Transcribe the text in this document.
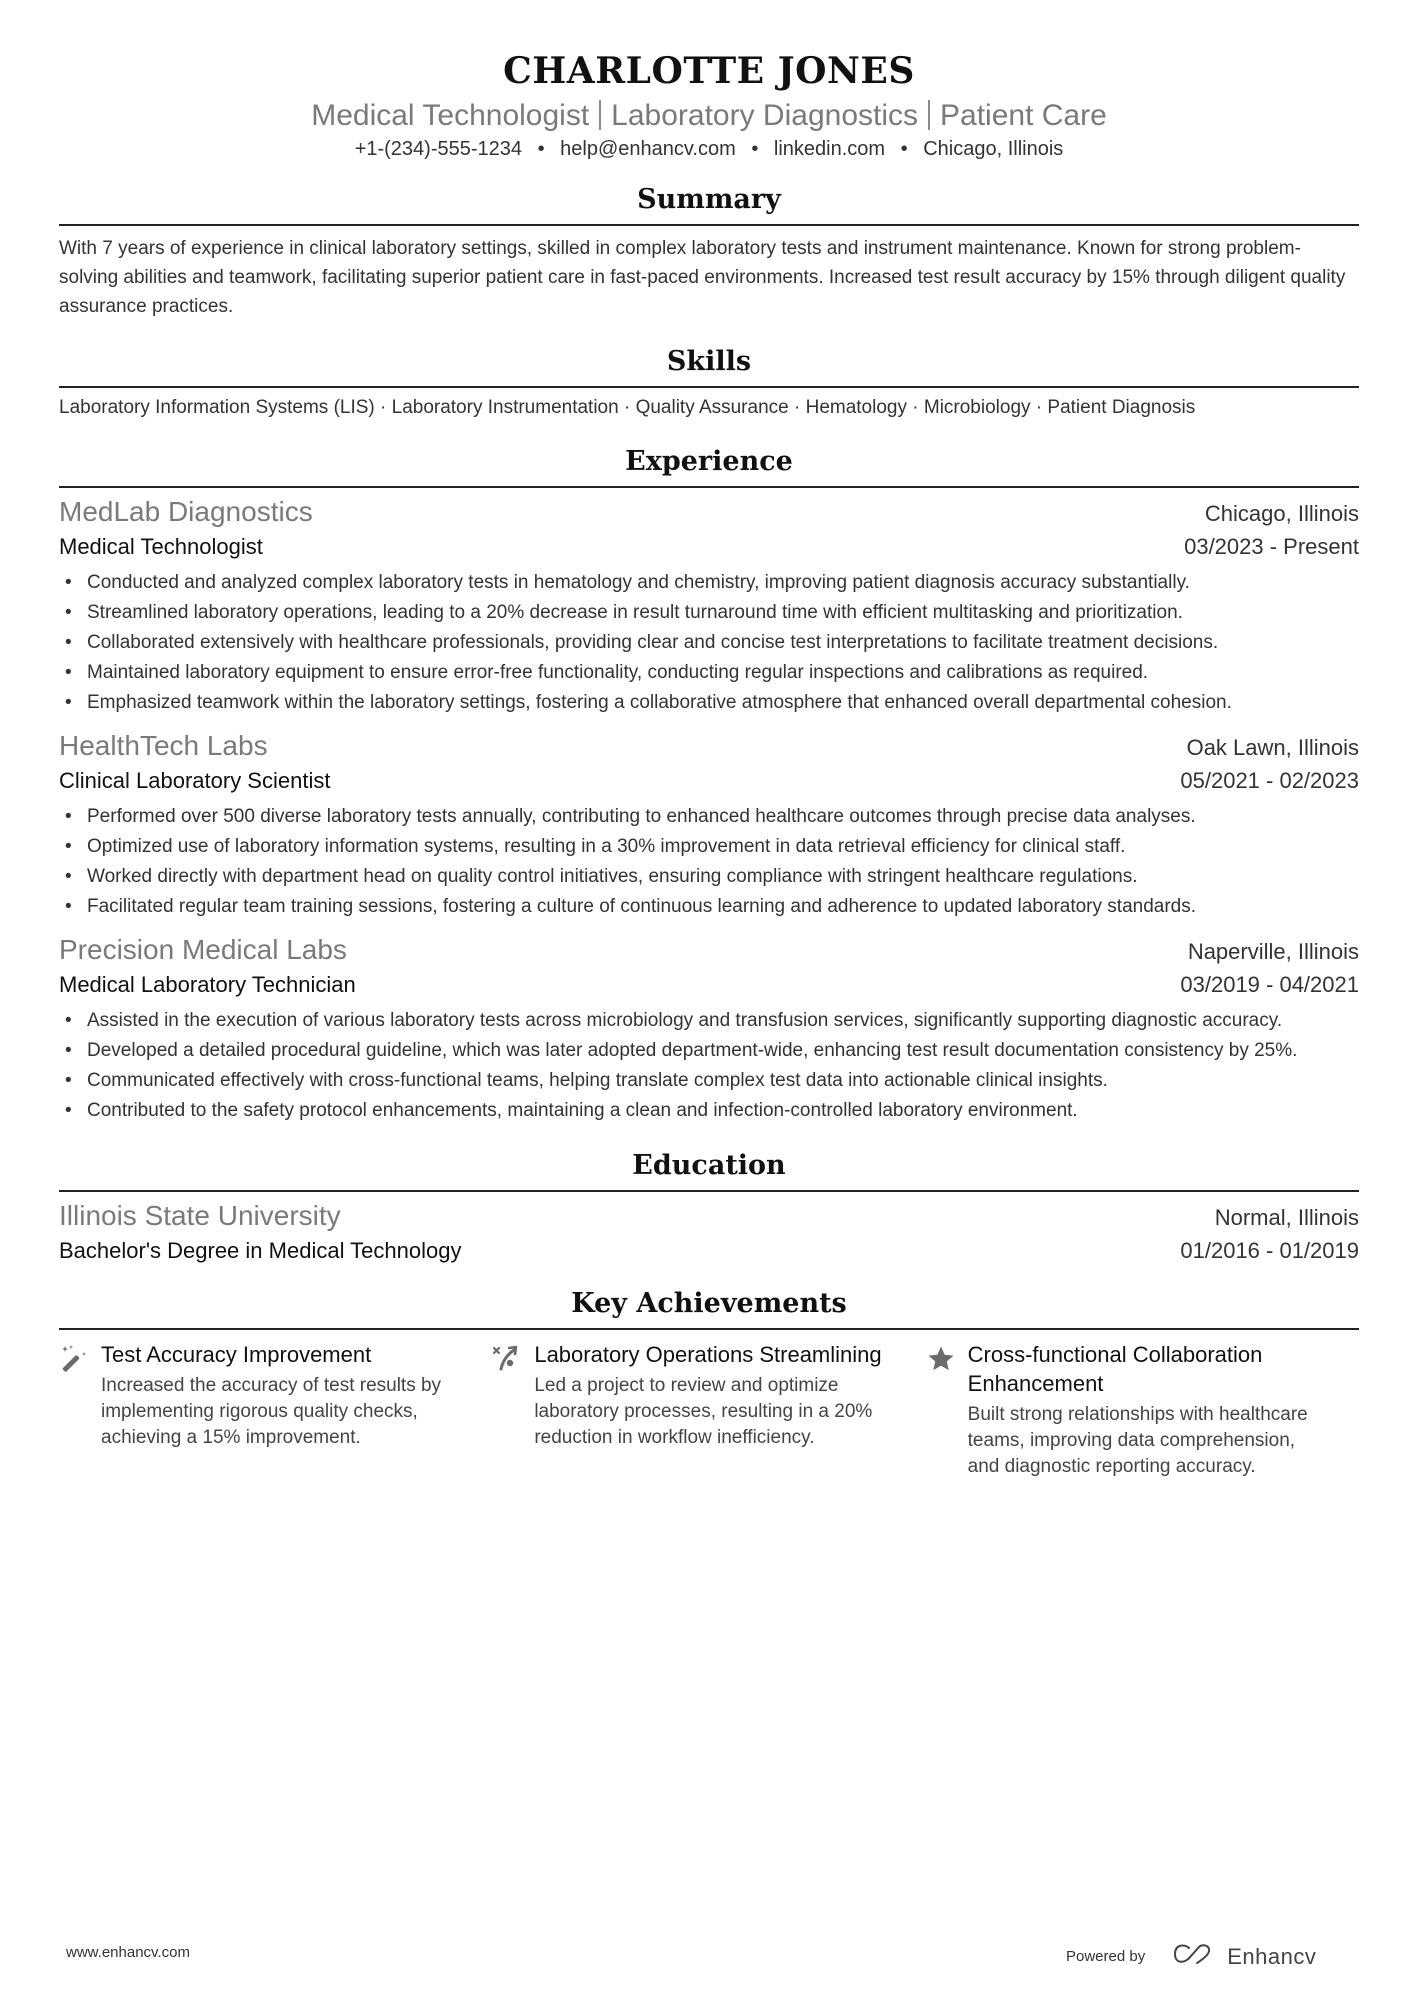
CHARLOTTE JONES
Medical Technologist Laboratory Diagnostics Patient Care
+1-(234)-555-1234 • help@enhancv.com • linkedin.com • Chicago, Illinois
Summary
With 7 years of experience in clinical laboratory settings, skilled in complex laboratory tests and instrument maintenance. Known for strong problem-solving abilities and teamwork, facilitating superior patient care in fast-paced environments. Increased test result accuracy by 15% through diligent quality assurance practices.
Skills
Laboratory Information Systems (LIS) · Laboratory Instrumentation · Quality Assurance · Hematology · Microbiology · Patient Diagnosis
Experience
MedLab Diagnostics	Chicago, Illinois
Medical Technologist	03/2023 - Present
• Conducted and analyzed complex laboratory tests in hematology and chemistry, improving patient diagnosis accuracy substantially.
• Streamlined laboratory operations, leading to a 20% decrease in result turnaround time with efficient multitasking and prioritization.
• Collaborated extensively with healthcare professionals, providing clear and concise test interpretations to facilitate treatment decisions.
• Maintained laboratory equipment to ensure error-free functionality, conducting regular inspections and calibrations as required.
• Emphasized teamwork within the laboratory settings, fostering a collaborative atmosphere that enhanced overall departmental cohesion.
HealthTech Labs	Oak Lawn, Illinois
Clinical Laboratory Scientist	05/2021 - 02/2023
• Performed over 500 diverse laboratory tests annually, contributing to enhanced healthcare outcomes through precise data analyses.
• Optimized use of laboratory information systems, resulting in a 30% improvement in data retrieval efficiency for clinical staff.
• Worked directly with department head on quality control initiatives, ensuring compliance with stringent healthcare regulations.
• Facilitated regular team training sessions, fostering a culture of continuous learning and adherence to updated laboratory standards.
Precision Medical Labs	Naperville, Illinois
Medical Laboratory Technician	03/2019 - 04/2021
• Assisted in the execution of various laboratory tests across microbiology and transfusion services, significantly supporting diagnostic accuracy.
• Developed a detailed procedural guideline, which was later adopted department-wide, enhancing test result documentation consistency by 25%.
• Communicated effectively with cross-functional teams, helping translate complex test data into actionable clinical insights.
• Contributed to the safety protocol enhancements, maintaining a clean and infection-controlled laboratory environment.
Education
Illinois State University	Normal, Illinois
Bachelor's Degree in Medical Technology	01/2016 - 01/2019
Key Achievements
Test Accuracy Improvement
Increased the accuracy of test results by implementing rigorous quality checks, achieving a 15% improvement.
Laboratory Operations Streamlining
Led a project to review and optimize laboratory processes, resulting in a 20% reduction in workflow inefficiency.
Cross-functional Collaboration Enhancement
Built strong relationships with healthcare teams, improving data comprehension, and diagnostic reporting accuracy.
www.enhancv.com	Powered by	Enhancv
